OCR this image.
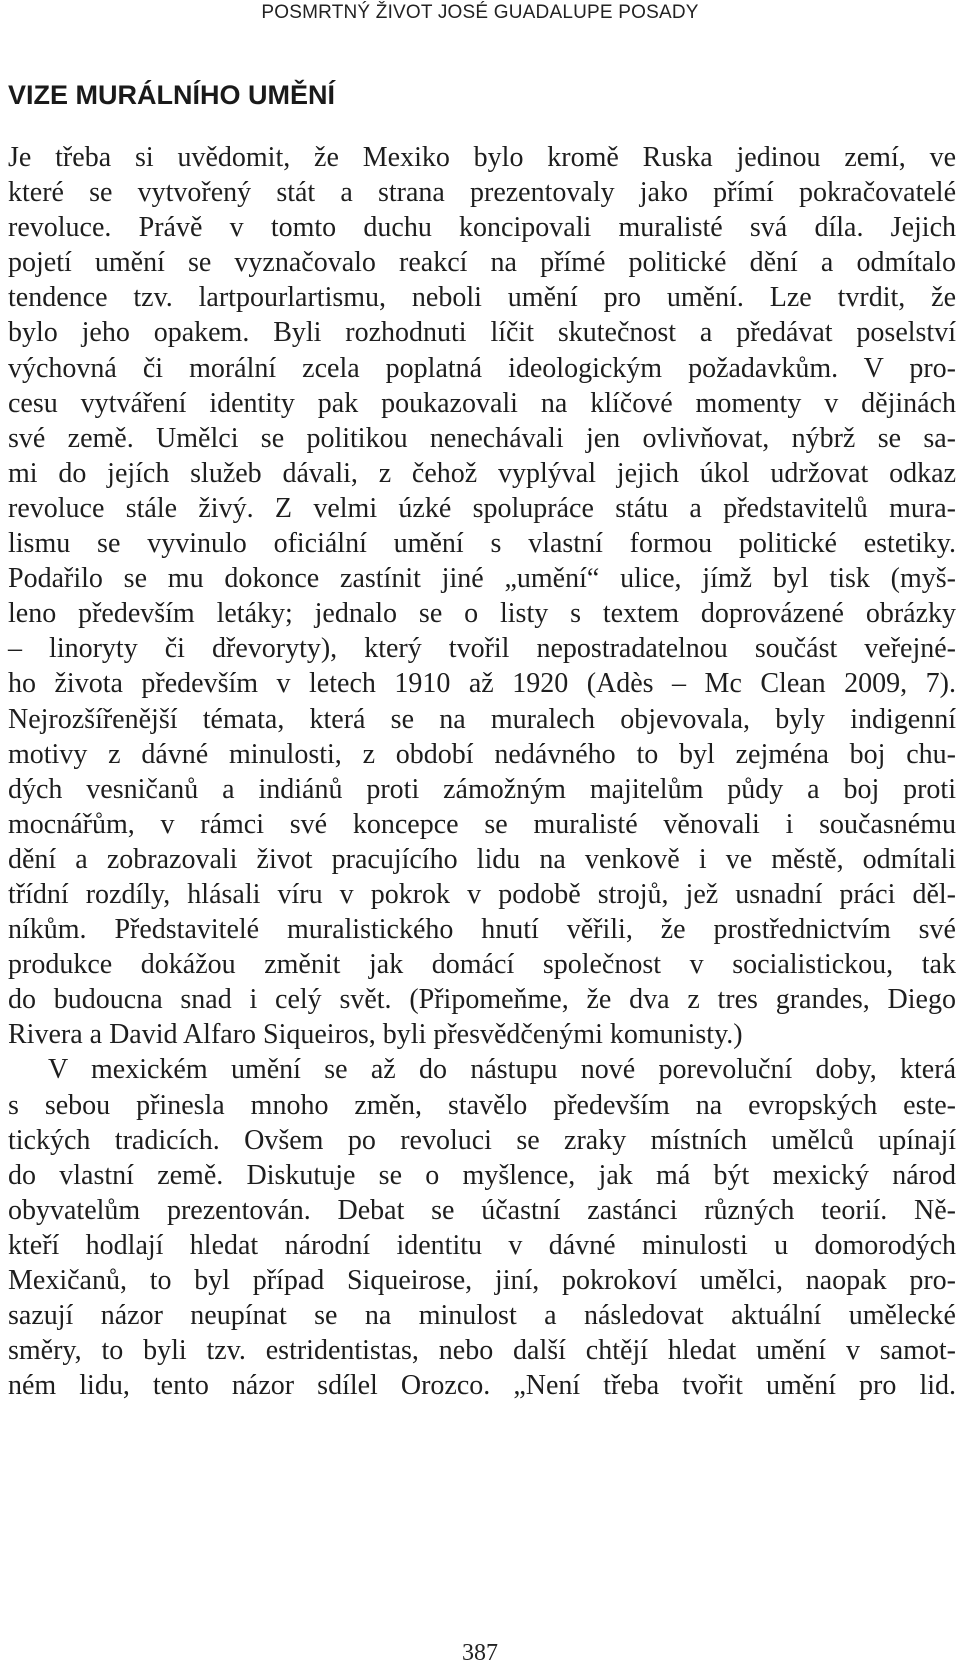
POSMRTNÝ ŽIVOT JOSÉ GUADALUPE POSADY
VIZE MURÁLNÍHO UMĚNÍ
Je třeba si uvědomit, že Mexiko bylo kromě Ruska jedinou zemí, ve
které se vytvořený stát a strana prezentovaly jako přímí pokračovatelé
revoluce. Právě v tomto duchu koncipovali muralisté svá díla. Jejich
pojetí umění se vyznačovalo reakcí na přímé politické dění a odmítalo
tendence tzv. lartpourlartismu, neboli umění pro umění. Lze tvrdit, že
bylo jeho opakem. Byli rozhodnuti líčit skutečnost a předávat poselství
výchovná či morální zcela poplatná ideologickým požadavkům. V pro-
cesu vytváření identity pak poukazovali na klíčové momenty v dějinách
své země. Umělci se politikou nenechávali jen ovlivňovat, nýbrž se sa-
mi do jejích služeb dávali, z čehož vyplýval jejich úkol udržovat odkaz
revoluce stále živý. Z velmi úzké spolupráce státu a představitelů mura-
lismu se vyvinulo oficiální umění s vlastní formou politické estetiky.
Podařilo se mu dokonce zastínit jiné „umění“ ulice, jímž byl tisk (myš-
leno především letáky; jednalo se o listy s textem doprovázené obrázky
– linoryty či dřevoryty), který tvořil nepostradatelnou součást veřejné-
ho života především v letech 1910 až 1920 (Adès – Mc Clean 2009, 7).
Nejrozšířenější témata, která se na muralech objevovala, byly indigenní
motivy z dávné minulosti, z období nedávného to byl zejména boj chu-
dých vesničanů a indiánů proti zámožným majitelům půdy a boj proti
mocnářům, v rámci své koncepce se muralisté věnovali i současnému
dění a zobrazovali život pracujícího lidu na venkově i ve městě, odmítali
třídní rozdíly, hlásali víru v pokrok v podobě strojů, jež usnadní práci děl-
níkům. Představitelé muralistického hnutí věřili, že prostřednictvím své
produkce dokážou změnit jak domácí společnost v socialistickou, tak
do budoucna snad i celý svět. (Připomeňme, že dva z tres grandes, Diego
Rivera a David Alfaro Siqueiros, byli přesvědčenými komunisty.)
V mexickém umění se až do nástupu nové porevoluční doby, která
s sebou přinesla mnoho změn, stavělo především na evropských este-
tických tradicích. Ovšem po revoluci se zraky místních umělců upínají
do vlastní země. Diskutuje se o myšlence, jak má být mexický národ
obyvatelům prezentován. Debat se účastní zastánci různých teorií. Ně-
kteří hodlají hledat národní identitu v dávné minulosti u domorodých
Mexičanů, to byl případ Siqueirose, jiní, pokrokoví umělci, naopak pro-
sazují názor neupínat se na minulost a následovat aktuální umělecké
směry, to byli tzv. estridentistas, nebo další chtějí hledat umění v samot-
ném lidu, tento názor sdílel Orozco. „Není třeba tvořit umění pro lid.
387
